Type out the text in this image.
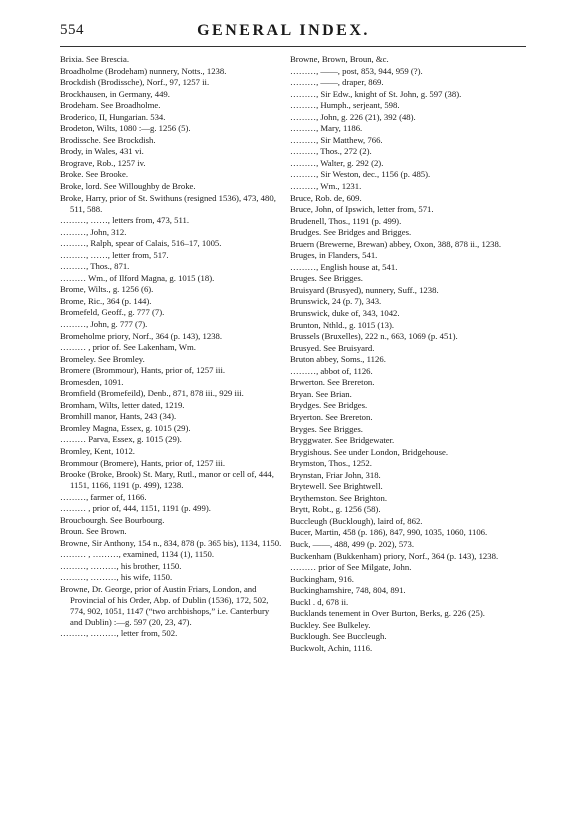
554	GENERAL INDEX.

Brixia. See Brescia.

Broadholme (Brodeham) nunnery, Notts., 1238.

Brockdish (Brodissche), Norf., 97, 1257 ii.

Brockhausen, in Germany, 449.

Brodeham. See Broadholme.

Broderico, II, Hungarian. 534.

Brodeton, Wilts, 1080 :—g. 1256 (5).

Brodissche. See Brockdish.

Brody, in Wales, 431 vi.

Brograve, Rob., 1257 iv.

Broke. See Brooke.

Broke, lord. See Willoughby de Broke.

Broke, Harry, prior of St. Swithuns (resigned 1536), 473, 480, 511, 588.

………, ……, letters from, 473, 511.

………, John, 312.

………, Ralph, spear of Calais, 516–17, 1005.

………, ……, letter from, 517.

………, Thos., 871.

……… Wm., of Ilford Magna, g. 1015 (18).

Brome, Wilts., g. 1256 (6).

Brome, Ric., 364 (p. 144).

Bromefeld, Geoff., g. 777 (7).

………, John, g. 777 (7).

Bromeholme priory, Norf., 364 (p. 143), 1238.

……… , prior of. See Lakenham, Wm.

Bromeley. See Bromley.

Bromere (Brommour), Hants, prior of, 1257 iii.

Bromesden, 1091.

Bromfield (Bromefeild), Denb., 871, 878 iii., 929 iii.

Bromham, Wilts, letter dated, 1219.

Bromhill manor, Hants, 243 (34).

Bromley Magna, Essex, g. 1015 (29).

……… Parva, Essex, g. 1015 (29).

Bromley, Kent, 1012.

Brommour (Bromere), Hants, prior of, 1257 iii.

Brooke (Broke, Brook) St. Mary, Rutl., manor or cell of, 444, 1151, 1166, 1191 (p. 499), 1238.

………, farmer of, 1166.

……… , prior of, 444, 1151, 1191 (p. 499).

Broucbourgh. See Bourbourg.

Broun. See Brown.

Browne, Sir Anthony, 154 n., 834, 878 (p. 365 bis), 1134, 1150.

……… , ………, examined, 1134 (1), 1150.

………, ………, his brother, 1150.

………, ………, his wife, 1150.

Browne, Dr. George, prior of Austin Friars, London, and Provincial of his Order, Abp. of Dublin (1536), 172, 502, 774, 902, 1051, 1147 (“two archbishops,” i.e. Canterbury and Dublin) :—g. 597 (20, 23, 47).

………, ………, letter from, 502.

Browne, Brown, Broun, &c.

………, ——, post, 853, 944, 959 (?).

………, ——, draper, 869.

………, Sir Edw., knight of St. John, g. 597 (38).

………, Humph., serjeant, 598.

………, John, g. 226 (21), 392 (48).

………, Mary, 1186.

………, Sir Matthew, 766.

………, Thos., 272 (2).

………, Walter, g. 292 (2).

………, Sir Weston, dec., 1156 (p. 485).

………, Wm., 1231.

Bruce, Rob. de, 609.

Bruce, John, of Ipswich, letter from, 571.

Brudenell, Thos., 1191 (p. 499).

Brudges. See Bridges and Brigges.

Bruern (Brewerne, Brewan) abbey, Oxon, 388, 878 ii., 1238.

Bruges, in Flanders, 541.

………, English house at, 541.

Bruges. See Brigges.

Bruisyard (Brusyed), nunnery, Suff., 1238.

Brunswick, 24 (p. 7), 343.

Brunswick, duke of, 343, 1042.

Brunton, Nthld., g. 1015 (13).

Brussels (Bruxelles), 222 n., 663, 1069 (p. 451).

Brusyed. See Bruisyard.

Bruton abbey, Soms., 1126.

………, abbot of, 1126.

Brwerton. See Brereton.

Bryan. See Brian.

Brydges. See Bridges.

Bryerton. See Brereton.

Bryges. See Brigges.

Bryggwater. See Bridgewater.

Brygishous. See under London, Bridgehouse.

Brymston, Thos., 1252.

Brynstan, Friar John, 318.

Brytewell. See Brightwell.

Brythemston. See Brighton.

Brytt, Robt., g. 1256 (58).

Buccleugh (Bucklough), laird of, 862.

Bucer, Martin, 458 (p. 186), 847, 990, 1035, 1060, 1106.

Buck, ——, 488, 499 (p. 202), 573.

Buckenham (Bukkenham) priory, Norf., 364 (p. 143), 1238.

……… prior of See Milgate, John.

Buckingham, 916.

Buckinghamshire, 748, 804, 891.

Buckl . d, 678 ii.

Bucklands tenement in Over Burton, Berks, g. 226 (25).

Buckley. See Bulkeley.

Bucklough. See Buccleugh.

Buckwolt, Achin, 1116.
